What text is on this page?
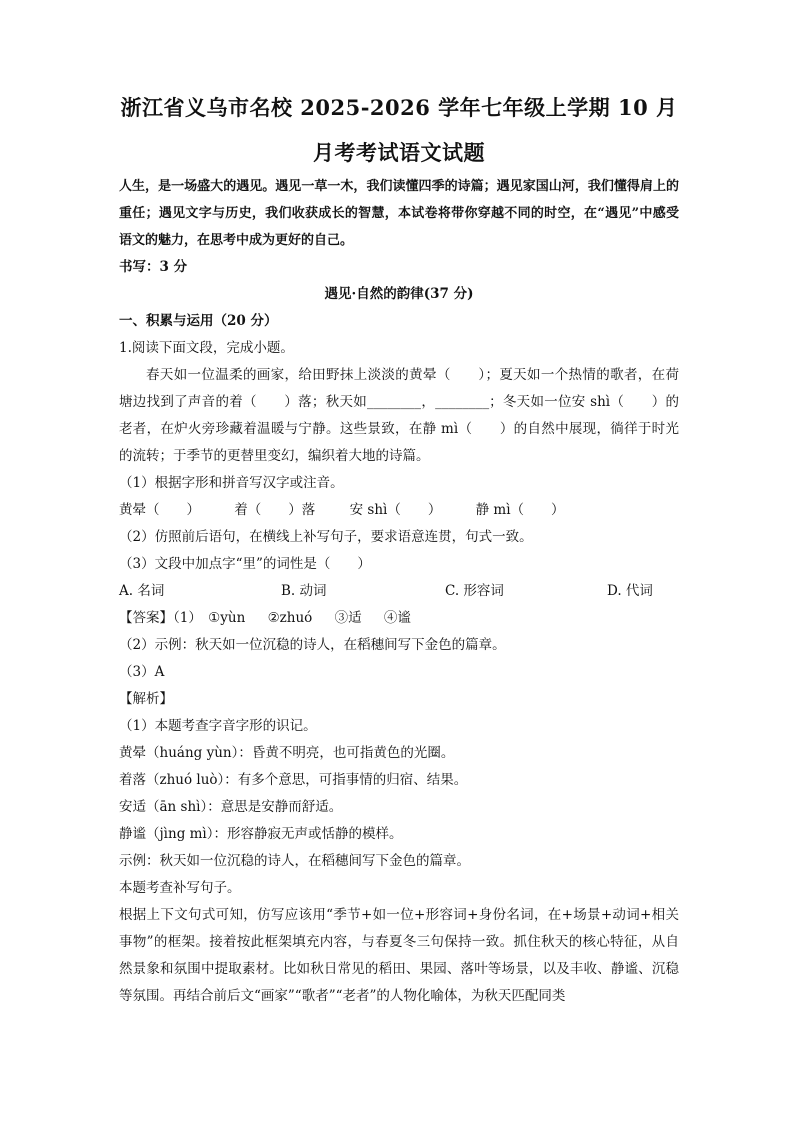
浙江省义乌市名校 2025-2026 学年七年级上学期 10 月
月考考试语文试题
人生，是一场盛大的遇见。遇见一草一木，我们读懂四季的诗篇；遇见家国山河，我们懂得肩上的重任；遇见文字与历史，我们收获成长的智慧，本试卷将带你穿越不同的时空，在“遇见”中感受语文的魅力，在思考中成为更好的自己。
书写：3 分
遇见·自然的韵律(37 分)
一、积累与运用（20 分）
1.阅读下面文段，完成小题。
春天如一位温柔的画家，给田野抹上淡淡的黄晕（　　）；夏天如一个热情的歌者，在荷塘边找到了声音的着（　　）落；秋天如________，________；冬天如一位安 shì（　　）的老者，在炉火旁珍藏着温暖与宁静。这些景致，在静 mì（　　）的自然中展现，徜徉于时光的流转；于季节的更替里变幻，编织着大地的诗篇。
（1）根据字形和拼音写汉字或注音。
黄晕（　　）	着（　　）落	安 shì（　　）	静 mì（　　）
（2）仿照前后语句，在横线上补写句子，要求语意连贯，句式一致。
（3）文段中加点字“里”的词性是（　　）
A. 名词	B. 动词	C. 形容词	D. 代词
【答案】（1） ①yùn ②zhuó ③适 ④谧
（2）示例：秋天如一位沉稳的诗人，在稻穗间写下金色的篇章。
（3）A
【解析】
（1）本题考查字音字形的识记。
黄晕（huáng yùn）：昏黄不明亮，也可指黄色的光圈。
着落（zhuó luò）：有多个意思，可指事情的归宿、结果。
安适（ān shì）：意思是安静而舒适。
静谧（jìng mì）：形容静寂无声或恬静的模样。
示例：秋天如一位沉稳的诗人，在稻穗间写下金色的篇章。
本题考查补写句子。
根据上下文句式可知，仿写应该用“季节+如一位+形容词+身份名词，在+场景+动词+相关事物”的框架。接着按此框架填充内容，与春夏冬三句保持一致。抓住秋天的核心特征，从自然景象和氛围中提取素材。比如秋日常见的稻田、果园、落叶等场景，以及丰收、静谧、沉稳等氛围。再结合前后文“画家”“歌者”“老者”的人物化喻体，为秋天匹配同类
